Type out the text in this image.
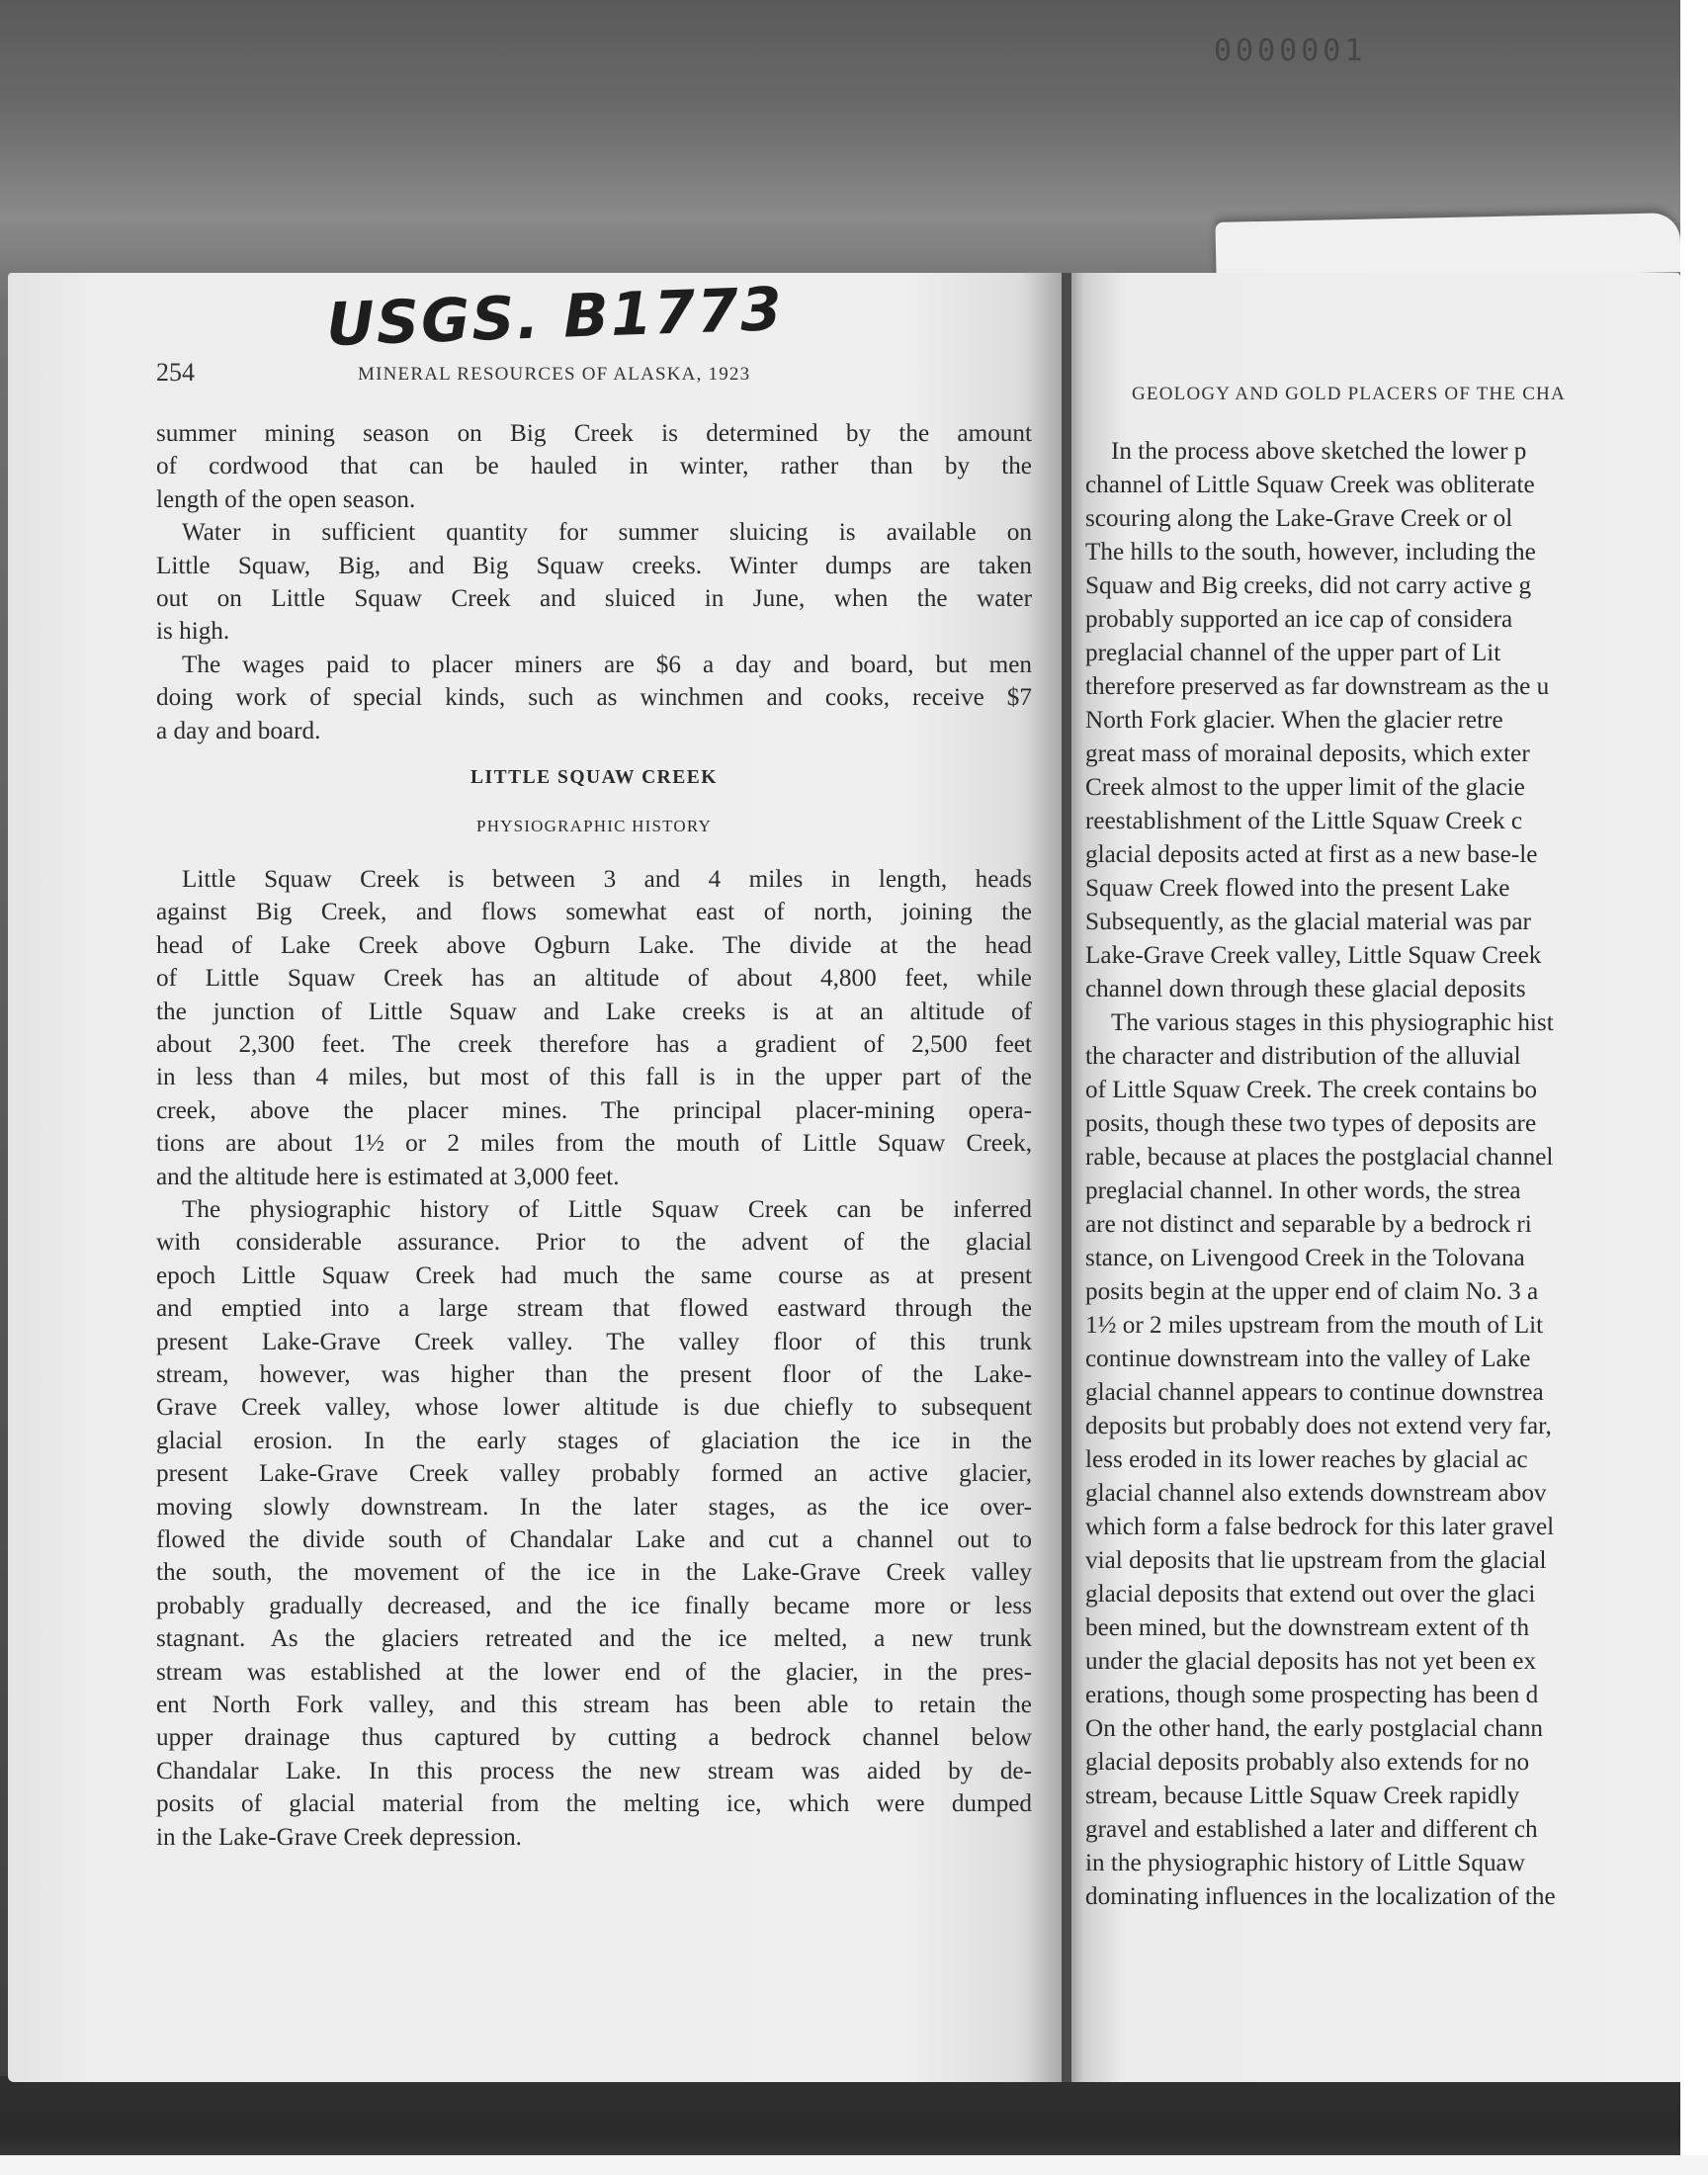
0000001
USGS. B1773
254	MINERAL RESOURCES OF ALASKA, 1923
GEOLOGY AND GOLD PLACERS OF THE CHA
summer mining season on Big Creek is determined by the amount
of cordwood that can be hauled in winter, rather than by the
length of the open season.
Water in sufficient quantity for summer sluicing is available on
Little Squaw, Big, and Big Squaw creeks. Winter dumps are taken
out on Little Squaw Creek and sluiced in June, when the water
is high.
The wages paid to placer miners are $6 a day and board, but men
doing work of special kinds, such as winchmen and cooks, receive $7
a day and board.
LITTLE SQUAW CREEK
PHYSIOGRAPHIC HISTORY
Little Squaw Creek is between 3 and 4 miles in length, heads
against Big Creek, and flows somewhat east of north, joining the
head of Lake Creek above Ogburn Lake. The divide at the head
of Little Squaw Creek has an altitude of about 4,800 feet, while
the junction of Little Squaw and Lake creeks is at an altitude of
about 2,300 feet. The creek therefore has a gradient of 2,500 feet
in less than 4 miles, but most of this fall is in the upper part of the
creek, above the placer mines. The principal placer-mining opera-
tions are about 1½ or 2 miles from the mouth of Little Squaw Creek,
and the altitude here is estimated at 3,000 feet.
The physiographic history of Little Squaw Creek can be inferred
with considerable assurance. Prior to the advent of the glacial
epoch Little Squaw Creek had much the same course as at present
and emptied into a large stream that flowed eastward through the
present Lake-Grave Creek valley. The valley floor of this trunk
stream, however, was higher than the present floor of the Lake-
Grave Creek valley, whose lower altitude is due chiefly to subsequent
glacial erosion. In the early stages of glaciation the ice in the
present Lake-Grave Creek valley probably formed an active glacier,
moving slowly downstream. In the later stages, as the ice over-
flowed the divide south of Chandalar Lake and cut a channel out to
the south, the movement of the ice in the Lake-Grave Creek valley
probably gradually decreased, and the ice finally became more or less
stagnant. As the glaciers retreated and the ice melted, a new trunk
stream was established at the lower end of the glacier, in the pres-
ent North Fork valley, and this stream has been able to retain the
upper drainage thus captured by cutting a bedrock channel below
Chandalar Lake. In this process the new stream was aided by de-
posits of glacial material from the melting ice, which were dumped
in the Lake-Grave Creek depression.
In the process above sketched the lower p
channel of Little Squaw Creek was obliterate
scouring along the Lake-Grave Creek or ol
The hills to the south, however, including the
Squaw and Big creeks, did not carry active g
probably supported an ice cap of considera
preglacial channel of the upper part of Lit
therefore preserved as far downstream as the u
North Fork glacier. When the glacier retre
great mass of morainal deposits, which exter
Creek almost to the upper limit of the glacie
reestablishment of the Little Squaw Creek c
glacial deposits acted at first as a new base-le
Squaw Creek flowed into the present Lake
Subsequently, as the glacial material was par
Lake-Grave Creek valley, Little Squaw Creek
channel down through these glacial deposits
The various stages in this physiographic hist
the character and distribution of the alluvial
of Little Squaw Creek. The creek contains bo
posits, though these two types of deposits are
rable, because at places the postglacial channel
preglacial channel. In other words, the strea
are not distinct and separable by a bedrock ri
stance, on Livengood Creek in the Tolovana
posits begin at the upper end of claim No. 3 a
1½ or 2 miles upstream from the mouth of Lit
continue downstream into the valley of Lake
glacial channel appears to continue downstrea
deposits but probably does not extend very far,
less eroded in its lower reaches by glacial ac
glacial channel also extends downstream abov
which form a false bedrock for this later gravel
vial deposits that lie upstream from the glacial
glacial deposits that extend out over the glaci
been mined, but the downstream extent of th
under the glacial deposits has not yet been ex
erations, though some prospecting has been d
On the other hand, the early postglacial chann
glacial deposits probably also extends for no
stream, because Little Squaw Creek rapidly
gravel and established a later and different ch
in the physiographic history of Little Squaw
dominating influences in the localization of the
